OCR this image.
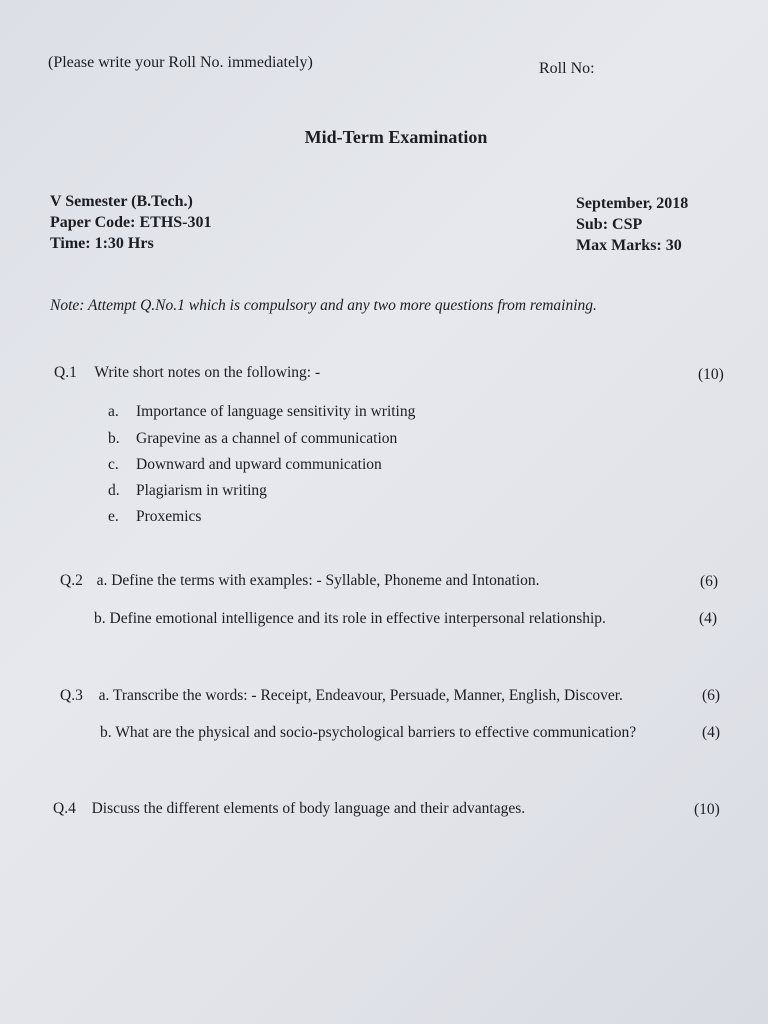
(Please write your Roll No. immediately)	Roll No:
Mid-Term Examination
V Semester (B.Tech.)
Paper Code: ETHS-301
Time: 1:30 Hrs
September, 2018
Sub: CSP
Max Marks: 30
Note: Attempt Q.No.1 which is compulsory and any two more questions from remaining.
Q.1 Write short notes on the following: -	(10)
a. Importance of language sensitivity in writing
b. Grapevine as a channel of communication
c. Downward and upward communication
d. Plagiarism in writing
e. Proxemics
Q.2 a. Define the terms with examples: - Syllable, Phoneme and Intonation.	(6)
b. Define emotional intelligence and its role in effective interpersonal relationship.	(4)
Q.3 a. Transcribe the words: - Receipt, Endeavour, Persuade, Manner, English, Discover.	(6)
b. What are the physical and socio-psychological barriers to effective communication?	(4)
Q.4 Discuss the different elements of body language and their advantages.	(10)
